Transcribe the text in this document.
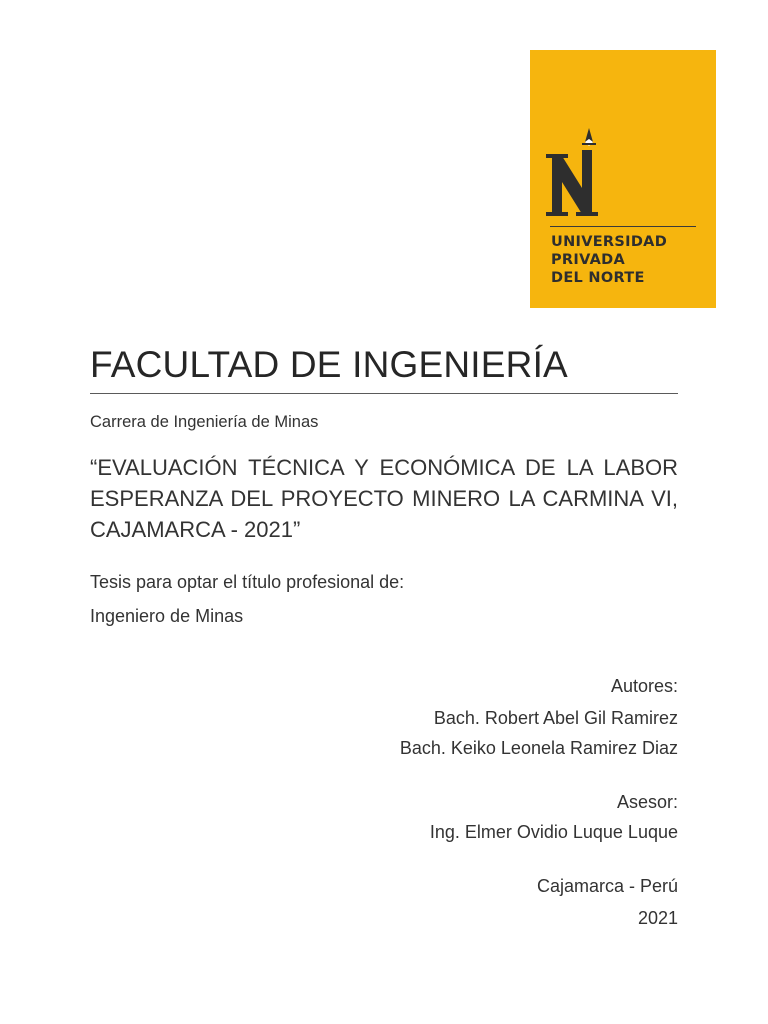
UNIVERSIDAD
PRIVADA
DEL NORTE
FACULTAD DE INGENIERÍA
Carrera de Ingeniería de Minas
“EVALUACIÓN TÉCNICA Y ECONÓMICA DE LA LABOR ESPERANZA DEL PROYECTO MINERO LA CARMINA VI, CAJAMARCA - 2021”
Tesis para optar el título profesional de:
Ingeniero de Minas
Autores:
Bach. Robert Abel Gil Ramirez
Bach. Keiko Leonela Ramirez Diaz
Asesor:
Ing. Elmer Ovidio Luque Luque
Cajamarca - Perú
2021
